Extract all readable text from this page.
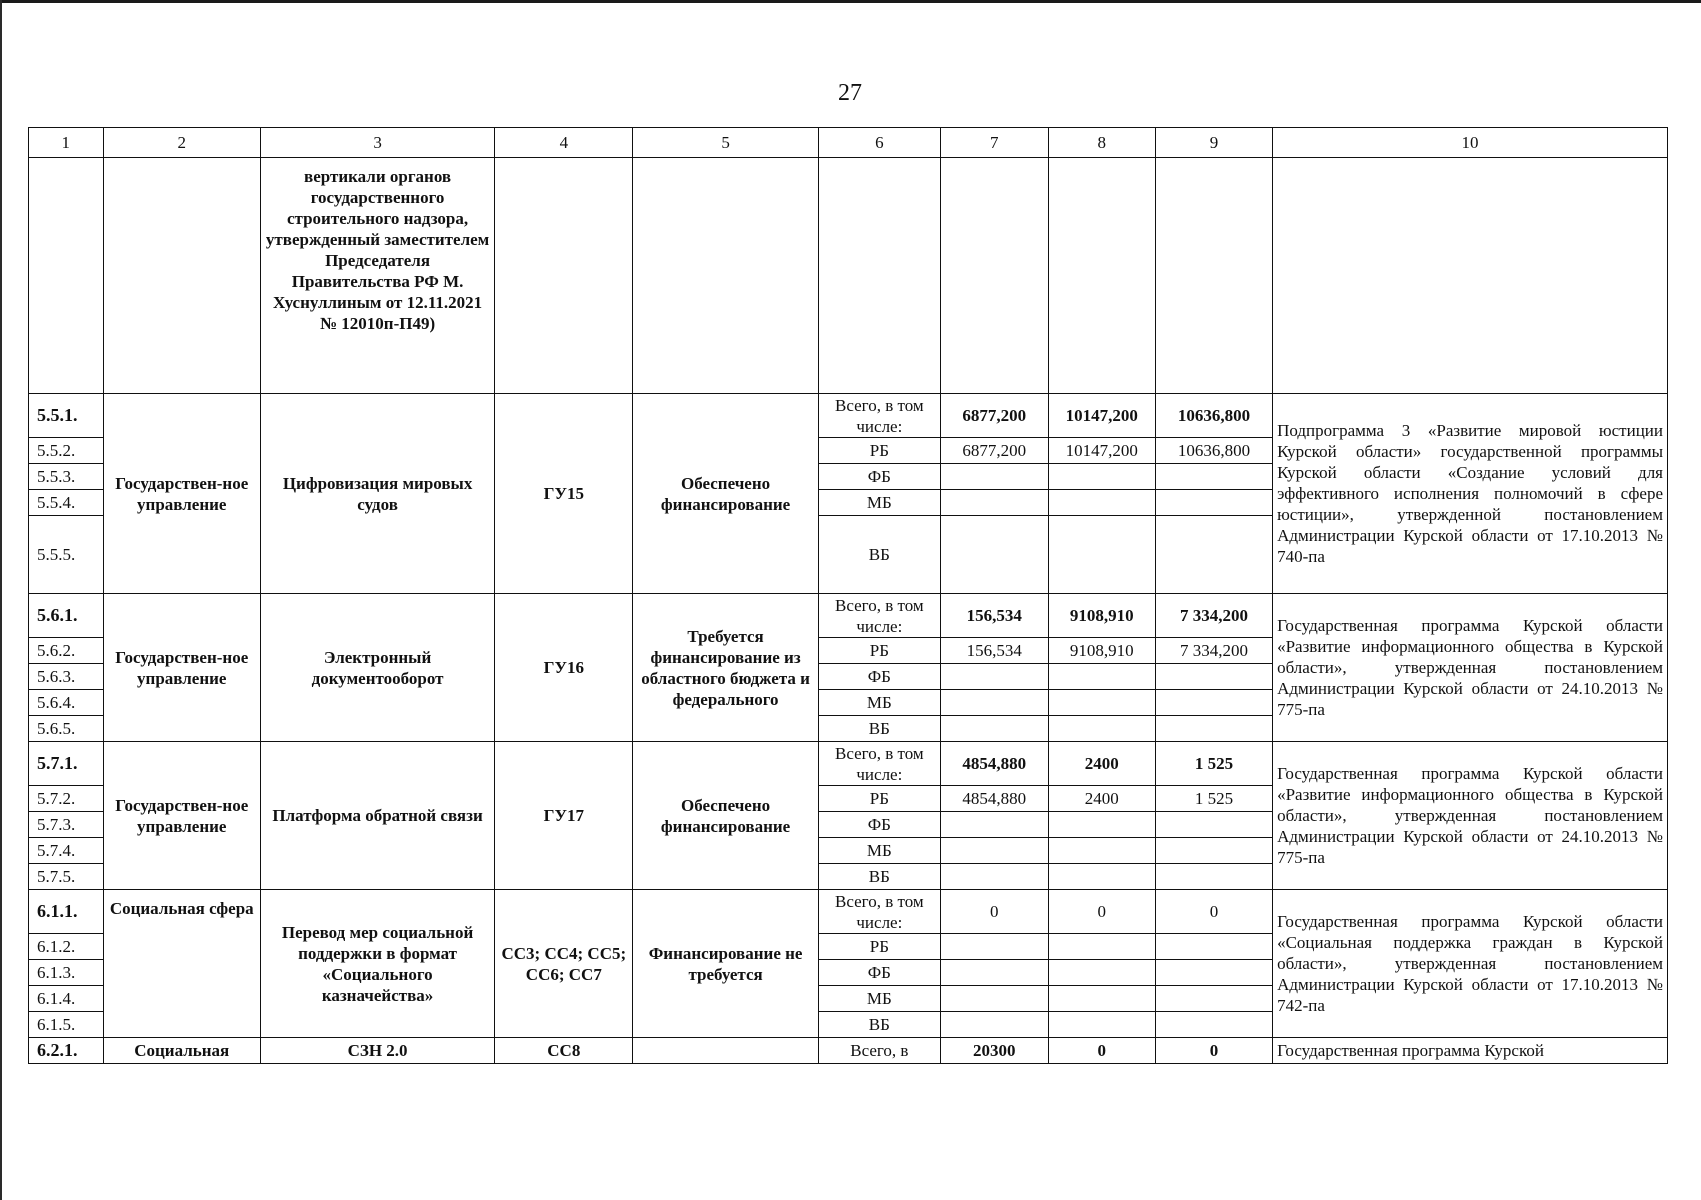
27
1	2	3	4	5	6	7	8	9	10
		вертикали органов государственного строительного надзора, утвержденный заместителем Председателя Правительства РФ М. Хуснуллиным от 12.11.2021 № 12010п-П49)							
5.5.1.	Государствен-ное управление	Цифровизация мировых судов	ГУ15	Обеспечено финансирование	Всего, в том числе:	6877,200	10147,200	10636,800	Подпрограмма 3 «Развитие мировой юстиции Курской области» государственной программы Курской области «Создание условий для эффективного исполнения полномочий в сфере юстиции», утвержденной постановлением Администрации Курской области от 17.10.2013 № 740-па

5.5.2.					РБ	6877,200	10147,200	10636,800	
5.5.3.					ФБ				
5.5.4.					МБ				
5.5.5.					ВБ				
5.6.1.	Государствен-ное управление	Электронный документооборот	ГУ16	Требуется финансирование из областного бюджета и федерального	Всего, в том числе:	156,534	9108,910	7 334,200	Государственная программа Курской области «Развитие информационного общества в Курской области», утвержденная постановлением Администрации Курской области от 24.10.2013 № 775-па

5.6.2.					РБ	156,534	9108,910	7 334,200	
5.6.3.					ФБ				
5.6.4.					МБ				
5.6.5.					ВБ				
5.7.1.	Государствен-ное управление	Платформа обратной связи	ГУ17	Обеспечено финансирование	Всего, в том числе:	4854,880	2400	1 525	Государственная программа Курской области «Развитие информационного общества в Курской области», утвержденная постановлением Администрации Курской области от 24.10.2013 № 775-па

5.7.2.					РБ	4854,880	2400	1 525	
5.7.3.					ФБ				
5.7.4.					МБ				
5.7.5.					ВБ				
6.1.1.	Социальная сфера	Перевод мер социальной поддержки в формат «Социального казначейства»	СС3; СС4; СС5; СС6; СС7	Финансирование не требуется	Всего, в том числе:	0	0	0	Государственная программа Курской области «Социальная поддержка граждан в Курской области», утвержденная постановлением Администрации Курской области от 17.10.2013 № 742-па

6.1.2.					РБ				
6.1.3.					ФБ				
6.1.4.					МБ				
6.1.5.					ВБ				
6.2.1.	Социальная	СЗН 2.0	СС8		Всего, в	20300	0	0	Государственная программа Курской
